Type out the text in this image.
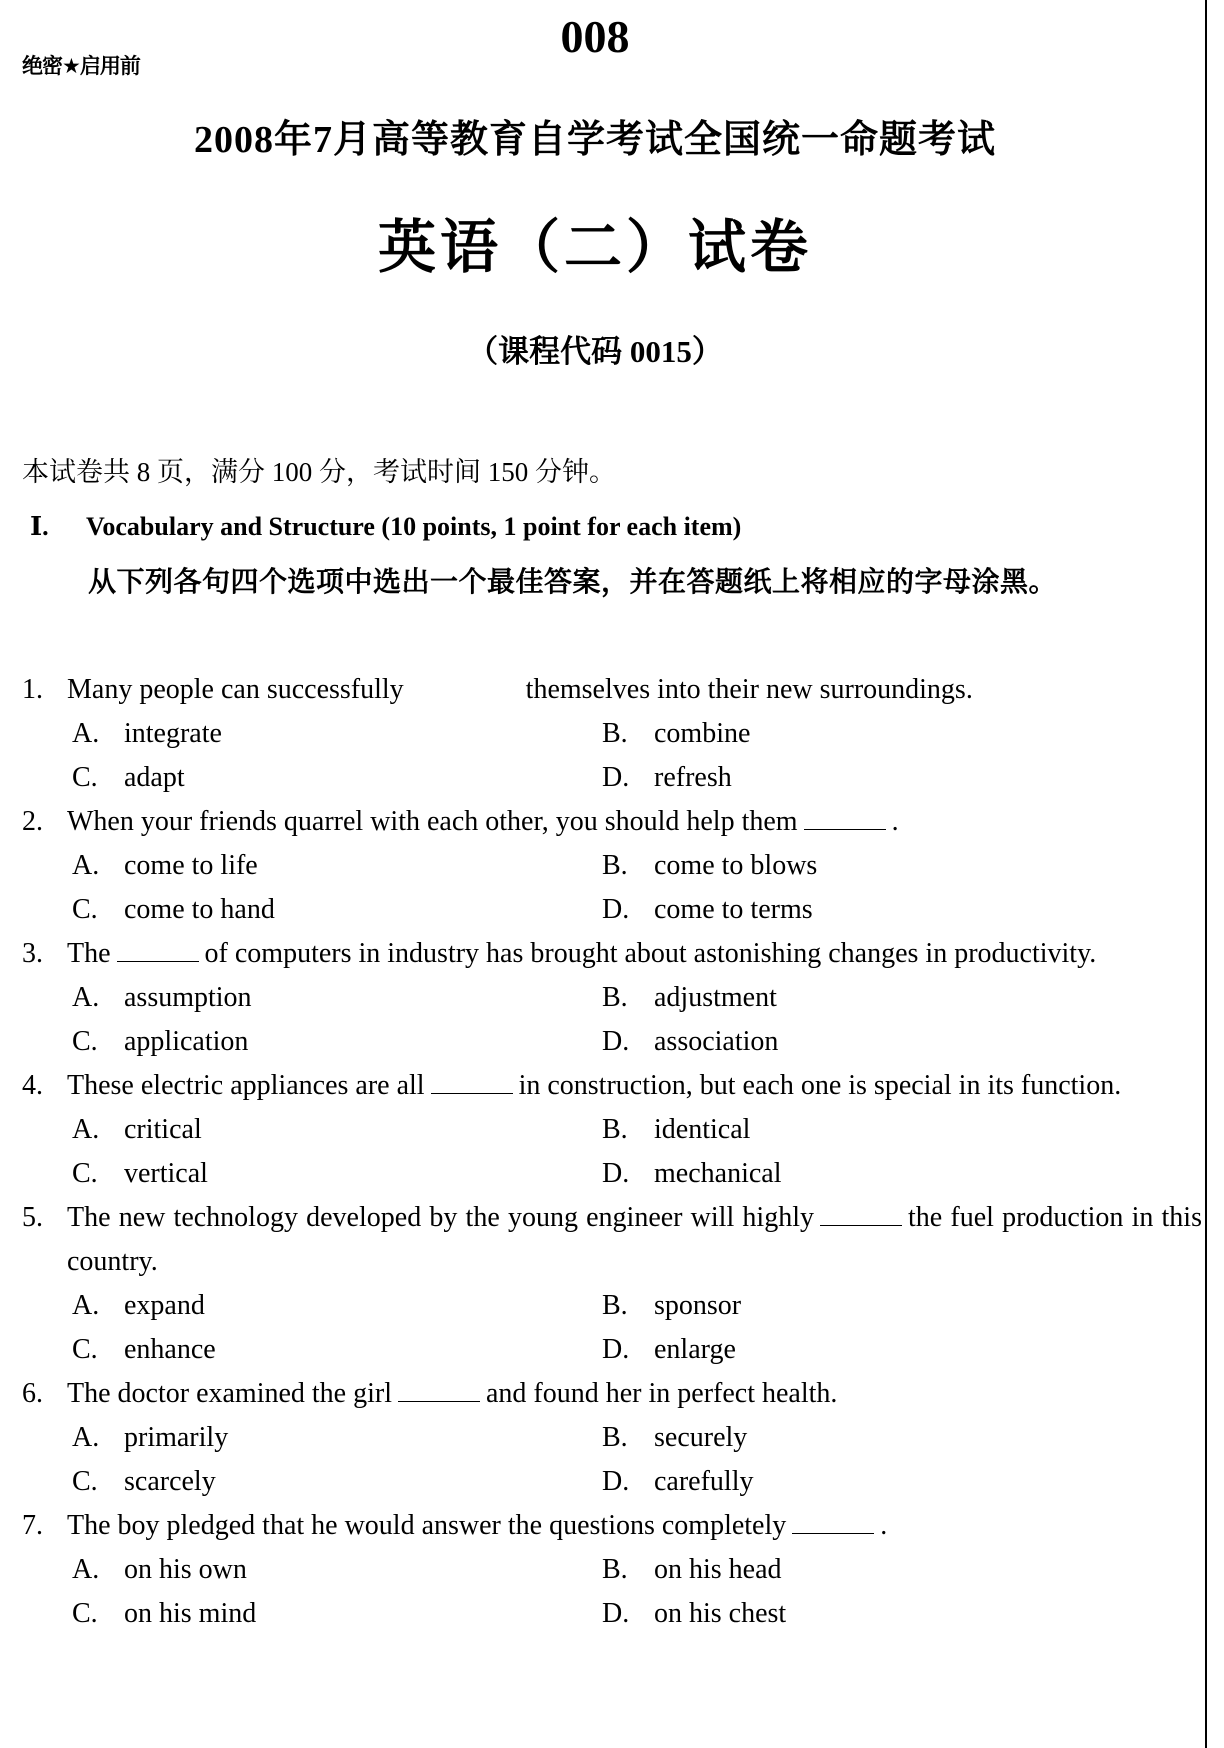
绝密★启用前
008
2008年7月高等教育自学考试全国统一命题考试
英语（二）试卷
（课程代码 0015）
本试卷共 8 页，满分 100 分，考试时间 150 分钟。
Ⅰ. Vocabulary and Structure (10 points, 1 point for each item)
从下列各句四个选项中选出一个最佳答案，并在答题纸上将相应的字母涂黑。
1. Many people can successfully	themselves into their new surroundings.
A. integrate	B. combine
C. adapt	D. refresh
2. When your friends quarrel with each other, you should help them	.
A. come to life	B. come to blows
C. come to hand	D. come to terms
3. The	of computers in industry has brought about astonishing changes in productivity.
A. assumption	B. adjustment
C. application	D. association
4. These electric appliances are all	in construction, but each one is special in its function.
A. critical	B. identical
C. vertical	D. mechanical
5. The new technology developed by the young engineer will highly	the fuel production in this country.
A. expand	B. sponsor
C. enhance	D. enlarge
6. The doctor examined the girl	and found her in perfect health.
A. primarily	B. securely
C. scarcely	D. carefully
7. The boy pledged that he would answer the questions completely	.
A. on his own	B. on his head
C. on his mind	D. on his chest
